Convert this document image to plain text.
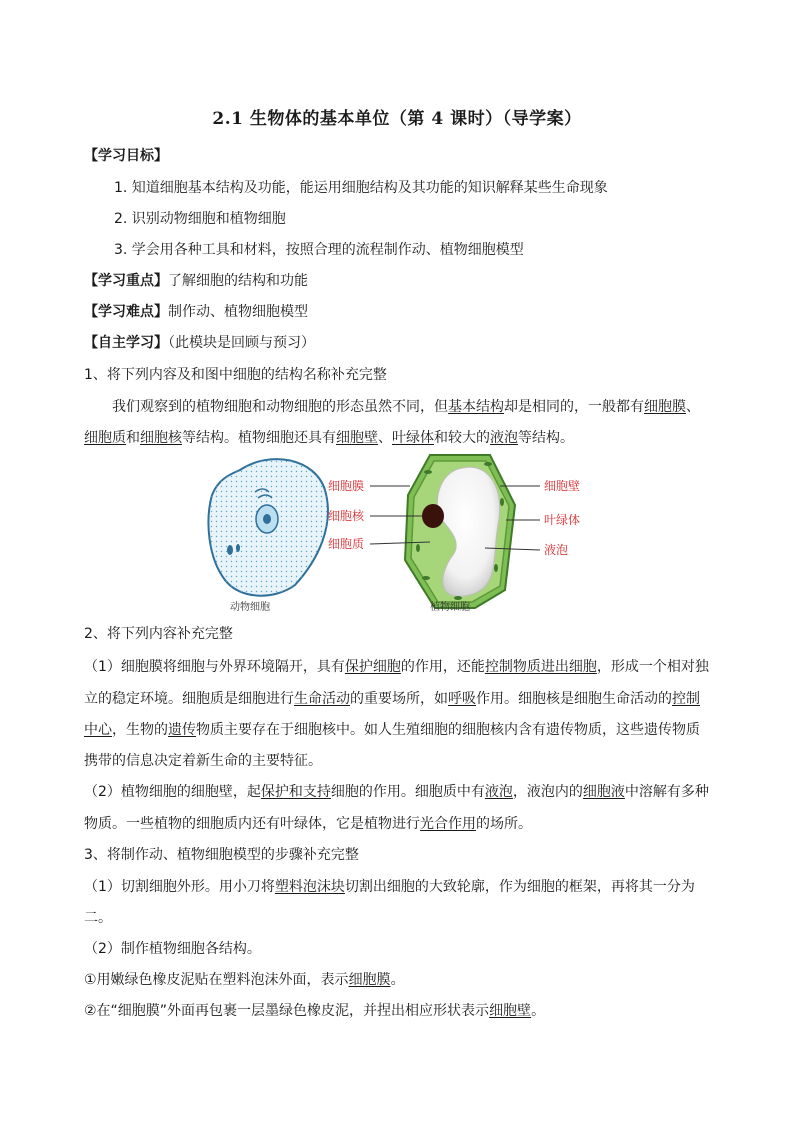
2.1 生物体的基本单位（第 4 课时）（导学案）
【学习目标】
1. 知道细胞基本结构及功能，能运用细胞结构及其功能的知识解释某些生命现象
2. 识别动物细胞和植物细胞
3. 学会用各种工具和材料，按照合理的流程制作动、植物细胞模型
【学习重点】了解细胞的结构和功能
【学习难点】制作动、植物细胞模型
【自主学习】（此模块是回顾与预习）
1、将下列内容及和图中细胞的结构名称补充完整
我们观察到的植物细胞和动物细胞的形态虽然不同，但基本结构却是相同的，一般都有细胞膜、
细胞质和细胞核等结构。植物细胞还具有细胞壁、叶绿体和较大的液泡等结构。
动物细胞	植物细胞
细胞膜
细胞核
细胞质
细胞壁
叶绿体
液泡
2、将下列内容补充完整
（1）细胞膜将细胞与外界环境隔开，具有保护细胞的作用，还能控制物质进出细胞，形成一个相对独
立的稳定环境。细胞质是细胞进行生命活动的重要场所，如呼吸作用。细胞核是细胞生命活动的控制
中心，生物的遗传物质主要存在于细胞核中。如人生殖细胞的细胞核内含有遗传物质，这些遗传物质
携带的信息决定着新生命的主要特征。
（2）植物细胞的细胞壁，起保护和支持细胞的作用。细胞质中有液泡，液泡内的细胞液中溶解有多种
物质。一些植物的细胞质内还有叶绿体，它是植物进行光合作用的场所。
3、将制作动、植物细胞模型的步骤补充完整
（1）切割细胞外形。用小刀将塑料泡沫块切割出细胞的大致轮廓，作为细胞的框架，再将其一分为
二。
（2）制作植物细胞各结构。
①用嫩绿色橡皮泥贴在塑料泡沫外面，表示细胞膜。
②在“细胞膜”外面再包裹一层墨绿色橡皮泥，并捏出相应形状表示细胞壁。
